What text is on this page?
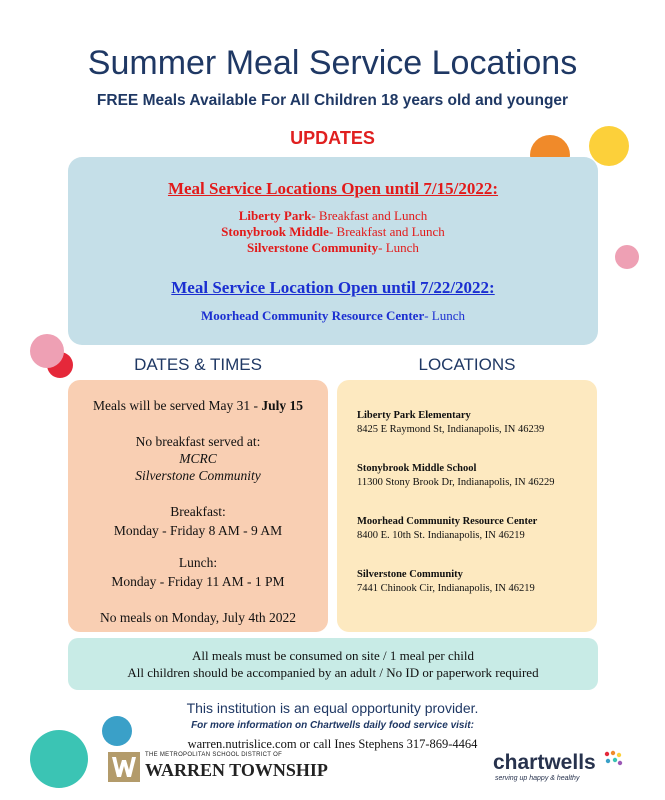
Summer Meal Service Locations
FREE Meals Available For All Children 18 years old and younger
UPDATES
Meal Service Locations Open until 7/15/2022:
Liberty Park- Breakfast and Lunch
Stonybrook Middle- Breakfast and Lunch
Silverstone Community- Lunch
Meal Service Location Open until 7/22/2022:
Moorhead Community Resource Center- Lunch
DATES & TIMES	LOCATIONS
Meals will be served May 31 - July 15
No breakfast served at:
MCRC
Silverstone Community
Breakfast:
Monday - Friday 8 AM - 9 AM
Lunch:
Monday - Friday 11 AM - 1 PM
No meals on Monday, July 4th 2022
Liberty Park Elementary
8425 E Raymond St, Indianapolis, IN 46239
Stonybrook Middle School
11300 Stony Brook Dr, Indianapolis, IN 46229
Moorhead Community Resource Center
8400 E. 10th St. Indianapolis, IN 46219
Silverstone Community
7441 Chinook Cir, Indianapolis, IN 46219
All meals must be consumed on site / 1 meal per child
All children should be accompanied by an adult / No ID or paperwork required
This institution is an equal opportunity provider.
For more information on Chartwells daily food service visit:
warren.nutrislice.com or call Ines Stephens 317-869-4464
THE METROPOLITAN SCHOOL DISTRICT OF
WARREN TOWNSHIP	chartwells
serving up happy & healthy
